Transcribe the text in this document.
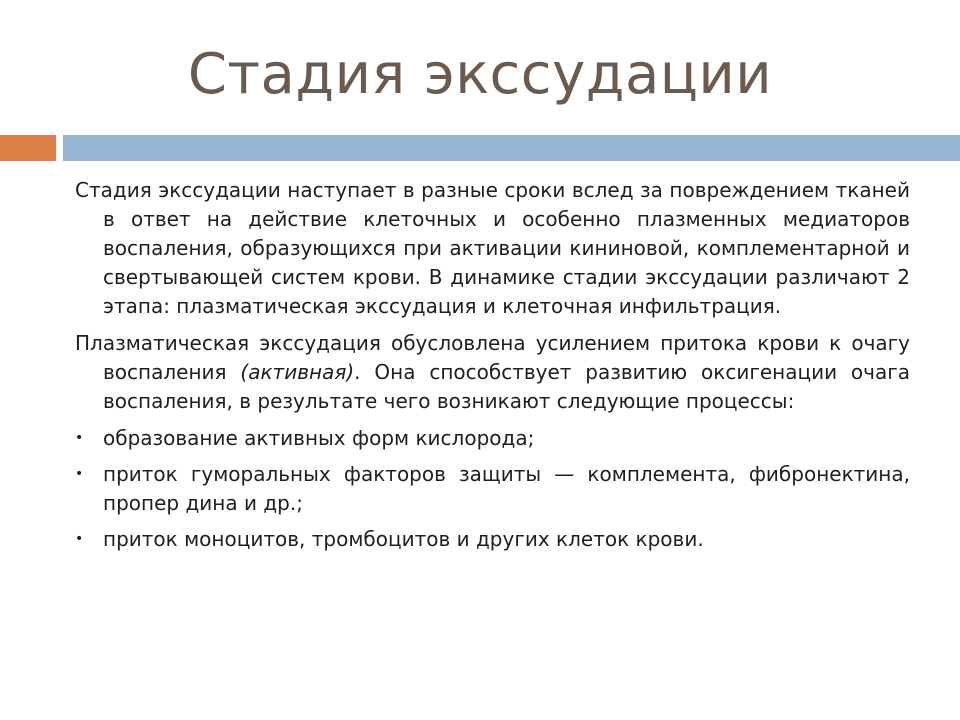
Стадия экссудации

Стадия экссудации наступает в разные сроки вслед за повреждением тканей в ответ на действие клеточных и особенно плазменных медиаторов воспаления, образующихся при активации кининовой, комплементарной и свертывающей систем крови. В динамике стадии экссудации различают 2 этапа: плазматическая экссудация и клеточная инфильтрация.

Плазматическая экссудация обусловлена усилением притока крови к очагу воспаления (активная). Она способствует развитию оксигенации очага воспаления, в результате чего возникают следующие процессы:

• образование активных форм кислорода;
• приток гуморальных факторов защиты — комплемента, фибронектина, пропер дина и др.;
• приток моноцитов, тромбоцитов и других клеток крови.
